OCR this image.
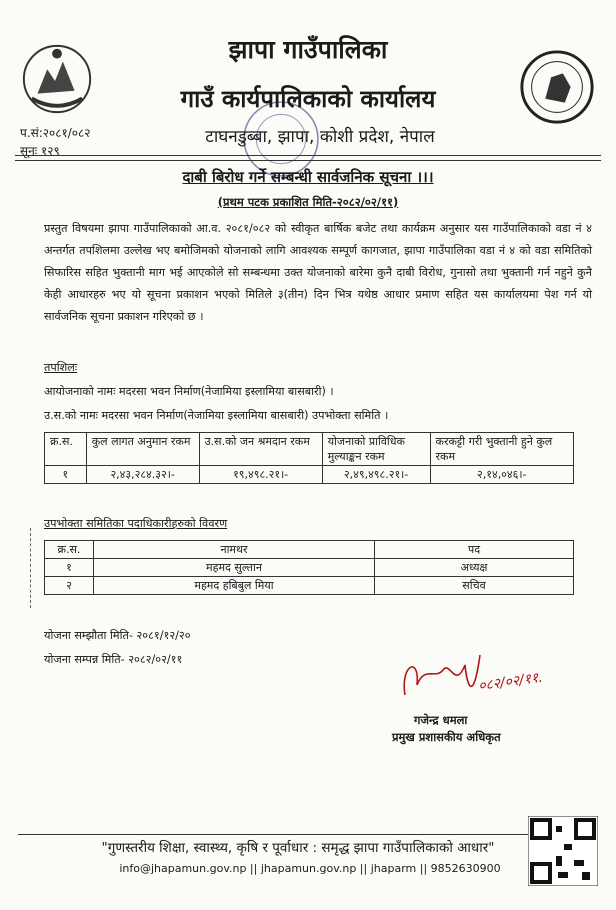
झापा गाउँपालिका
गाउँ कार्यपालिकाको कार्यालय
टाघनडुब्बा, झापा, कोशी प्रदेश, नेपाल
प.सं:२०८१/०८२
सूनः १२९
दाबी बिरोध गर्ने सम्बन्धी सार्वजनिक सूचना ।।।
(प्रथम पटक प्रकाशित मिति-२०८२/०२/११)

प्रस्तुत विषयमा झापा गाउँपालिकाको आ.व. २०८१/०८२ को स्वीकृत बार्षिक बजेट तथा कार्यक्रम अनुसार यस गाउँपालिकाको वडा नं ४ अन्तर्गत तपशिलमा उल्लेख भए बमोजिमको योजनाको लागि आवश्यक सम्पूर्ण कागजात, झापा गाउँपालिका वडा नं ४ को वडा समितिको सिफारिस सहित भुक्तानी माग भई आएकोले सो सम्बन्धमा उक्त योजनाको बारेमा कुनै दाबी विरोध, गुनासो तथा भुक्तानी गर्न नहुने कुनै केही आधारहरु भए यो सूचना प्रकाशन भएको मितिले ३(तीन) दिन भित्र यथेष्ठ आधार प्रमाण सहित यस कार्यालयमा पेश गर्न यो सार्वजनिक सूचना प्रकाशन गरिएको छ ।

तपशिलः
आयोजनाको नामः मदरसा भवन निर्माण(नेजामिया इस्लामिया बासबारी) ।
उ.स.को नामः मदरसा भवन निर्माण(नेजामिया इस्लामिया बासबारी) उपभोक्ता समिति ।
क्र.स.	कुल लागत अनुमान रकम	उ.स.को जन श्रमदान रकम	योजनाको प्राविधिक मुल्याङ्कन रकम	करकट्टी गरी भुक्तानी हुने कुल रकम
१	२,४३,२८४.३२।-	१९,४९८.२१।-	२,४९,४९८.२१।-	२,१४,०४६।-
उपभोक्ता समितिका पदाधिकारीहरुको विवरण
क्र.स.	नामथर	पद
१	महमद सुल्तान	अध्यक्ष
२	महमद हबिबुल मिया	सचिव
योजना सम्झौता मिति- २०८१/१२/२०
योजना सम्पन्न मिति- २०८२/०२/११
०८२/०२/११.
गजेन्द्र धमला
प्रमुख प्रशासकीय अधिकृत
"गुणस्तरीय शिक्षा, स्वास्थ्य, कृषि र पूर्वाधार : समृद्ध झापा गाउँपालिकाको आधार"
info@jhapamun.gov.np || jhapamun.gov.np || jhaparm || 9852630900
